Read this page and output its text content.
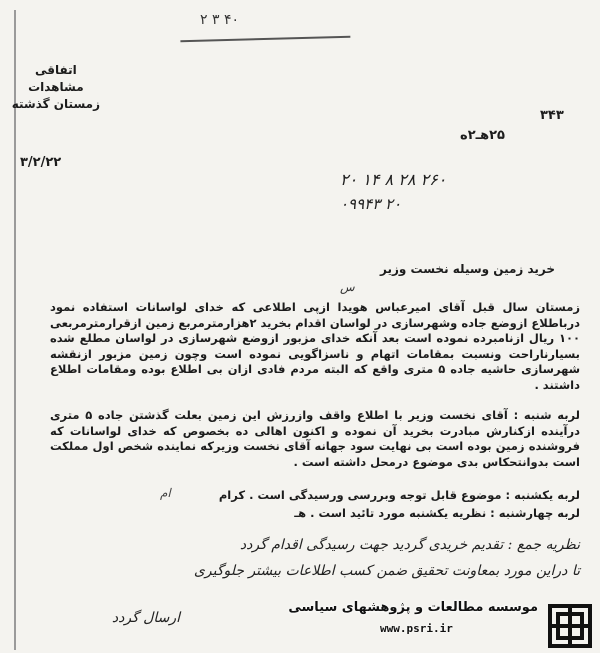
۴۰ ۳ ۲
اتفاقی
مشاهدات
زمستان گذشته
۳۴۳
۲۵هـ۲ه
۳/۲/۲۲
۲۰ ۱۴ ۸ ۲۸ ۲۶۰
۰۹۹۴۳ ۲۰
خرید زمین وسیله نخست وزیر
س
زمستان سال قبل آقای امیرعباس هویدا ازپی اطلاعی که خدای لواسانات استفاده نمود درباطلاع ازوضع جاده وشهرسازی در لواسان اقدام بخرید ۲هزارمترمربع زمین ازقرارمترمربعی ۱۰۰ ریال ازنامبرده نموده است بعد آنکه خدای مزبور ازوضع شهرسازی در لواسان مطلع شده بسیارناراحت ونسبت بمقامات اتهام و ناسزاگویی نموده است وچون زمین مزبور ازنقشه شهرسازی حاشیه جاده ۵ متری واقع که البته مردم فادی ازان بی اطلاع بوده ومقامات اطلاع داشتند .
لربه شنبه : آقای نخست وزیر با اطلاع واقف وازرزش این زمین بعلت گذشتن جاده ۵ متری درآینده ازکنارش مبادرت بخرید آن نموده و اکنون اهالی ده بخصوص که خدای لواسانات که فروشنده زمین بوده است بی نهایت سود جهانه آقای نخست وزیرکه نماینده شخص اول مملکت است بدوانتحکاس بدی موضوع درمحل داشته است .
لربه یکشنبه : موضوع قابل توجه وبررسی ورسیدگی است . کرام
لربه چهارشنبه : نظریه یکشنبه مورد تائید است . هـ
ام
نظریه جمع : تقدیم خریدی گردید جهت رسیدگی اقدام گردد
تا دراین مورد بمعاونت تحقیق ضمن کسب اطلاعات بیشتر جلوگیری
ارسال گردد
موسسه مطالعات و پژوهشهای سیاسی
www.psri.ir
